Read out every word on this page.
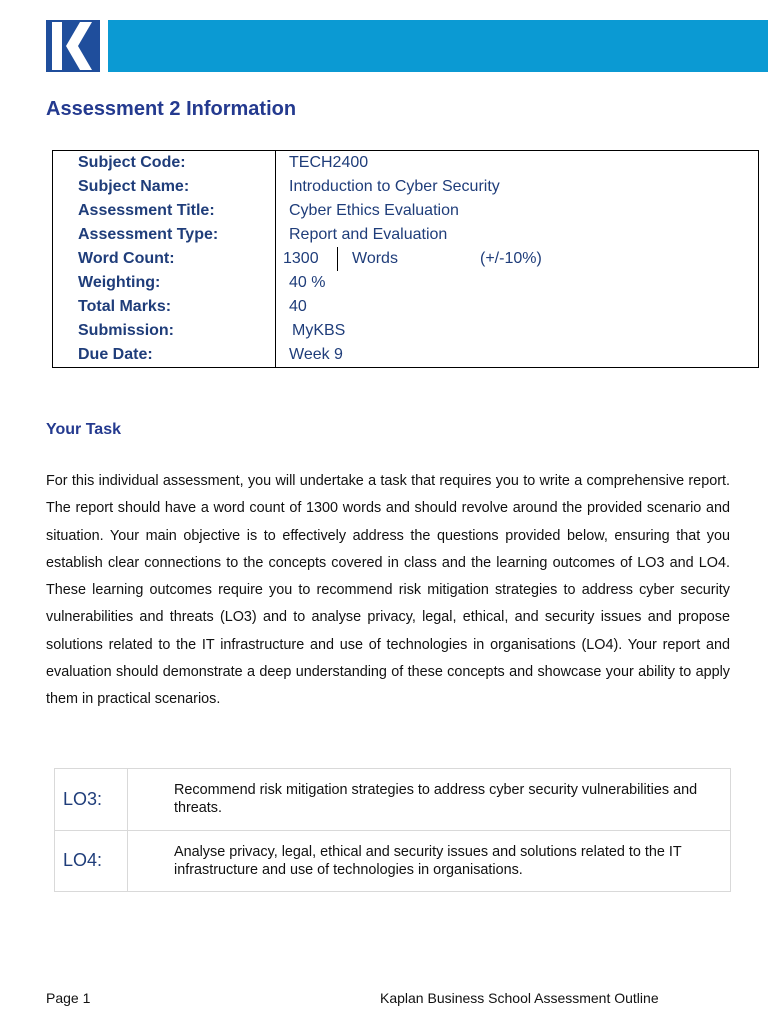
Assessment 2 Information
Subject Code:	TECH2400
Subject Name:	Introduction to Cyber Security
Assessment Title:	Cyber Ethics Evaluation
Assessment Type:	Report and Evaluation
Word Count:	1300 Words (+/-10%)
Weighting:	40 %
Total Marks:	40
Submission:	MyKBS
Due Date:	Week 9
Your Task

For this individual assessment, you will undertake a task that requires you to write a comprehensive report. The report should have a word count of 1300 words and should revolve around the provided scenario and situation. Your main objective is to effectively address the questions provided below, ensuring that you establish clear connections to the concepts covered in class and the learning outcomes of LO3 and LO4. These learning outcomes require you to recommend risk mitigation strategies to address cyber security vulnerabilities and threats (LO3) and to analyse privacy, legal, ethical, and security issues and propose solutions related to the IT infrastructure and use of technologies in organisations (LO4). Your report and evaluation should demonstrate a deep understanding of these concepts and showcase your ability to apply them in practical scenarios.

LO3:	Recommend risk mitigation strategies to address cyber security vulnerabilities and threats.
LO4:	Analyse privacy, legal, ethical and security issues and solutions related to the IT infrastructure and use of technologies in organisations.
Page 1	Kaplan Business School Assessment Outline
